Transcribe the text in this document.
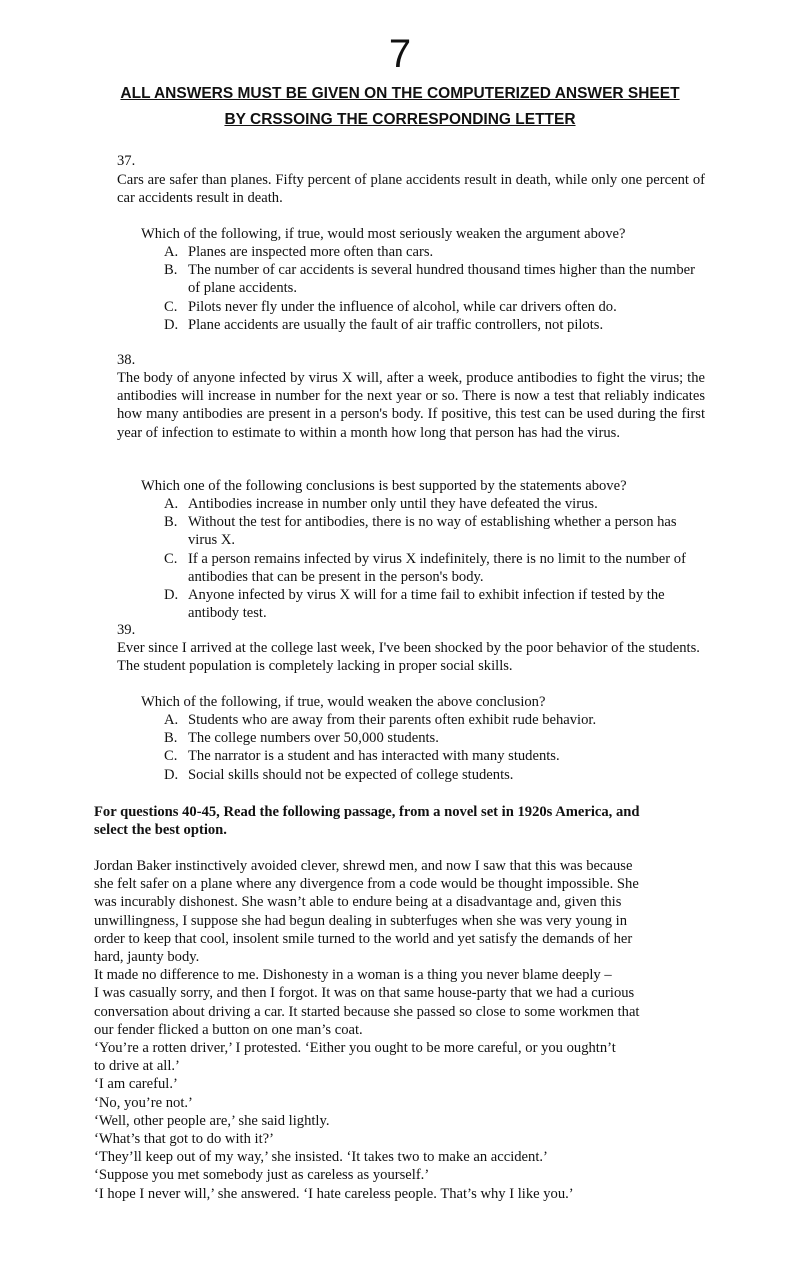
7
ALL ANSWERS MUST BE GIVEN ON THE COMPUTERIZED ANSWER SHEET
BY CRSSOING THE CORRESPONDING LETTER
37.
Cars are safer than planes. Fifty percent of plane accidents result in death, while only one percent of car accidents result in death.
Which of the following, if true, would most seriously weaken the argument above?
A. Planes are inspected more often than cars.
B. The number of car accidents is several hundred thousand times higher than the number of plane accidents.
C. Pilots never fly under the influence of alcohol, while car drivers often do.
D. Plane accidents are usually the fault of air traffic controllers, not pilots.
38.
The body of anyone infected by virus X will, after a week, produce antibodies to fight the virus; the antibodies will increase in number for the next year or so. There is now a test that reliably indicates how many antibodies are present in a person's body. If positive, this test can be used during the first year of infection to estimate to within a month how long that person has had the virus.
Which one of the following conclusions is best supported by the statements above?
A. Antibodies increase in number only until they have defeated the virus.
B. Without the test for antibodies, there is no way of establishing whether a person has virus X.
C. If a person remains infected by virus X indefinitely, there is no limit to the number of antibodies that can be present in the person's body.
D. Anyone infected by virus X will for a time fail to exhibit infection if tested by the antibody test.
39.
Ever since I arrived at the college last week, I've been shocked by the poor behavior of the students. The student population is completely lacking in proper social skills.
Which of the following, if true, would weaken the above conclusion?
A. Students who are away from their parents often exhibit rude behavior.
B. The college numbers over 50,000 students.
C. The narrator is a student and has interacted with many students.
D. Social skills should not be expected of college students.
For questions 40-45, Read the following passage, from a novel set in 1920s America, and
select the best option.

Jordan Baker instinctively avoided clever, shrewd men, and now I saw that this was because

she felt safer on a plane where any divergence from a code would be thought impossible. She

was incurably dishonest. She wasn’t able to endure being at a disadvantage and, given this

unwillingness, I suppose she had begun dealing in subterfuges when she was very young in

order to keep that cool, insolent smile turned to the world and yet satisfy the demands of her

hard, jaunty body.

It made no difference to me. Dishonesty in a woman is a thing you never blame deeply –

I was casually sorry, and then I forgot. It was on that same house-party that we had a curious

conversation about driving a car. It started because she passed so close to some workmen that

our fender flicked a button on one man’s coat.

‘You’re a rotten driver,’ I protested. ‘Either you ought to be more careful, or you oughtn’t

to drive at all.’

‘I am careful.’

‘No, you’re not.’

‘Well, other people are,’ she said lightly.

‘What’s that got to do with it?’

‘They’ll keep out of my way,’ she insisted. ‘It takes two to make an accident.’

‘Suppose you met somebody just as careless as yourself.’

‘I hope I never will,’ she answered. ‘I hate careless people. That’s why I like you.’
